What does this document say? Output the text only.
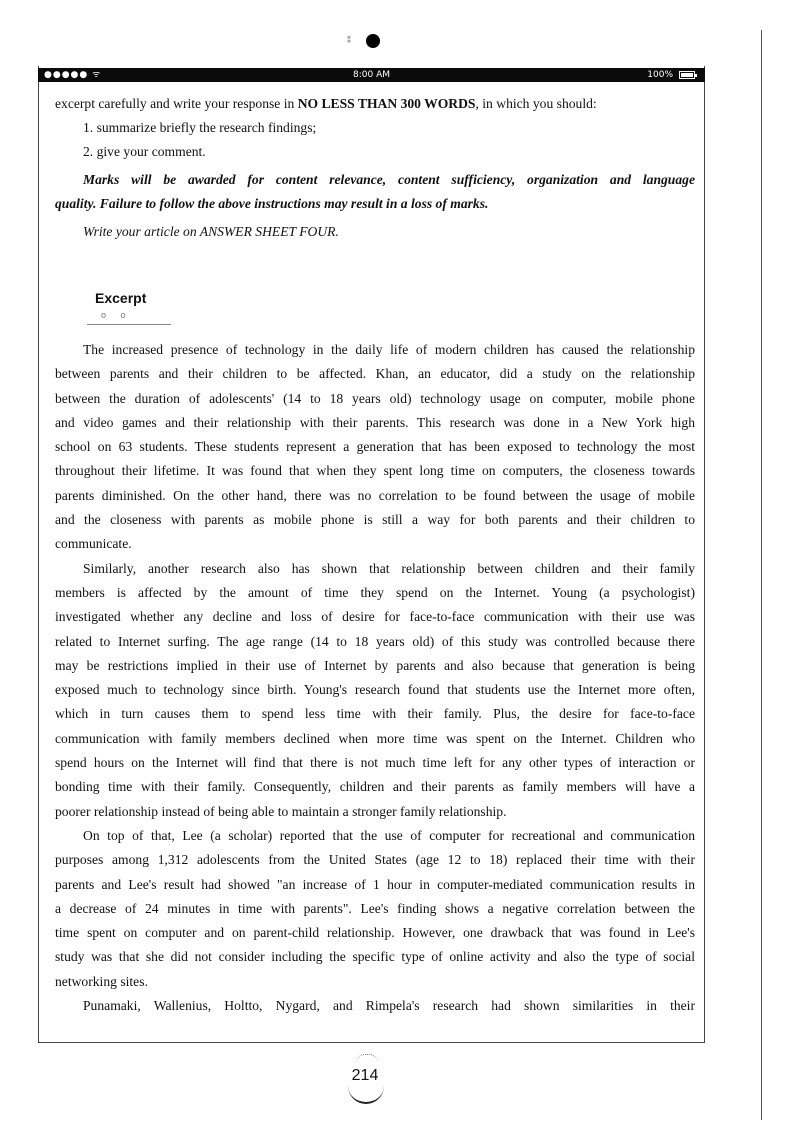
⁑
●●●●● ᯤ	8:00 AM	100%
excerpt carefully and write your response in NO LESS THAN 300 WORDS, in which you should:
1. summarize briefly the research findings;
2. give your comment.
Marks will be awarded for content relevance, content sufficiency, organization and language
quality. Failure to follow the above instructions may result in a loss of marks.
Write your article on ANSWER SHEET FOUR.
Excerpt
o o
The increased presence of technology in the daily life of modern children has caused the relationship
between parents and their children to be affected. Khan, an educator, did a study on the relationship
between the duration of adolescents' (14 to 18 years old) technology usage on computer, mobile phone
and video games and their relationship with their parents. This research was done in a New York high
school on 63 students. These students represent a generation that has been exposed to technology the most
throughout their lifetime. It was found that when they spent long time on computers, the closeness towards
parents diminished. On the other hand, there was no correlation to be found between the usage of mobile
and the closeness with parents as mobile phone is still a way for both parents and their children to
communicate.
Similarly, another research also has shown that relationship between children and their family
members is affected by the amount of time they spend on the Internet. Young (a psychologist)
investigated whether any decline and loss of desire for face-to-face communication with their use was
related to Internet surfing. The age range (14 to 18 years old) of this study was controlled because there
may be restrictions implied in their use of Internet by parents and also because that generation is being
exposed much to technology since birth. Young's research found that students use the Internet more often,
which in turn causes them to spend less time with their family. Plus, the desire for face-to-face
communication with family members declined when more time was spent on the Internet. Children who
spend hours on the Internet will find that there is not much time left for any other types of interaction or
bonding time with their family. Consequently, children and their parents as family members will have a
poorer relationship instead of being able to maintain a stronger family relationship.
On top of that, Lee (a scholar) reported that the use of computer for recreational and communication
purposes among 1,312 adolescents from the United States (age 12 to 18) replaced their time with their
parents and Lee's result had showed "an increase of 1 hour in computer-mediated communication results in
a decrease of 24 minutes in time with parents". Lee's finding shows a negative correlation between the
time spent on computer and on parent-child relationship. However, one drawback that was found in Lee's
study was that she did not consider including the specific type of online activity and also the type of social
networking sites.
Punamaki, Wallenius, Holtto, Nygard, and Rimpela's research had shown similarities in their
214
